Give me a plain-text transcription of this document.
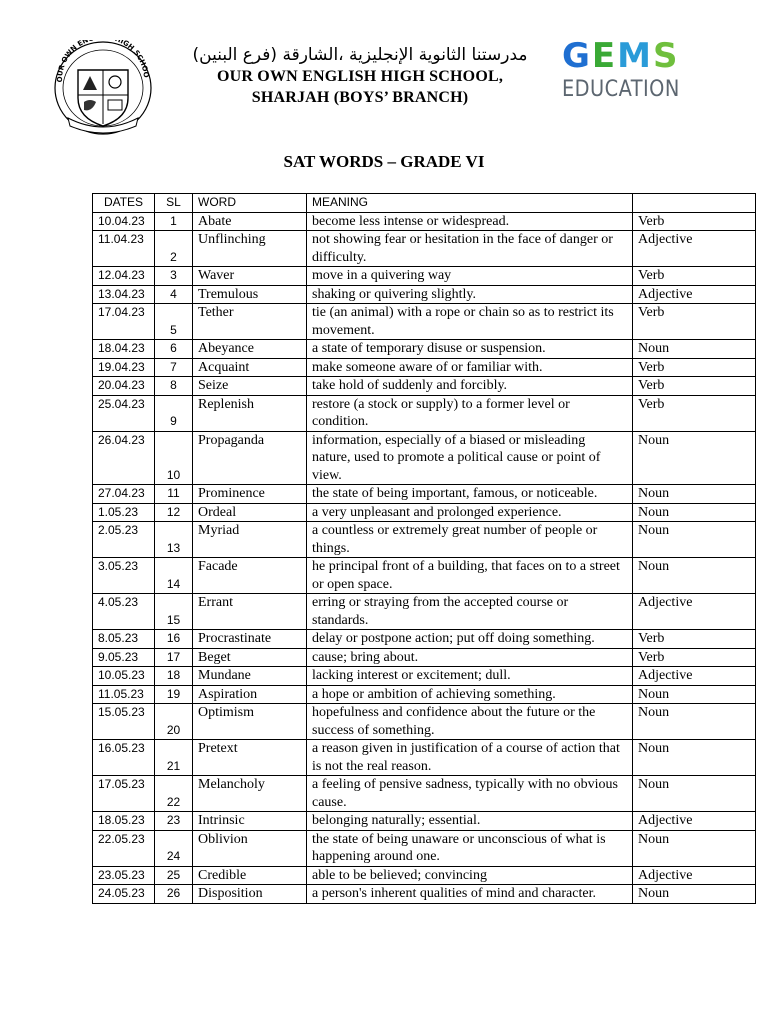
OUR OWN EN IGH SCHOO
مدرستنا الثانوية الإنجليزية ،الشارقة (فرع البنين)
OUR OWN ENGLISH HIGH SCHOOL,
SHARJAH (BOYS’ BRANCH)
G E M S
EDUCATION
SAT WORDS – GRADE VI
DATES	SL	WORD	MEANING	
10.04.23	1	Abate	become less intense or widespread.	Verb
11.04.23	2	Unflinching	not showing fear or hesitation in the face of danger or difficulty.	Adjective
12.04.23	3	Waver	move in a quivering way	Verb
13.04.23	4	Tremulous	shaking or quivering slightly.	Adjective
17.04.23	5	Tether	tie (an animal) with a rope or chain so as to restrict its movement.	Verb
18.04.23	6	Abeyance	a state of temporary disuse or suspension.	Noun
19.04.23	7	Acquaint	make someone aware of or familiar with.	Verb
20.04.23	8	Seize	take hold of suddenly and forcibly.	Verb
25.04.23	9	Replenish	restore (a stock or supply) to a former level or condition.	Verb
26.04.23	10	Propaganda	information, especially of a biased or misleading nature, used to promote a political cause or point of view.	Noun
27.04.23	11	Prominence	the state of being important, famous, or noticeable.	Noun
1.05.23	12	Ordeal	a very unpleasant and prolonged experience.	Noun
2.05.23	13	Myriad	a countless or extremely great number of people or things.	Noun
3.05.23	14	Facade	he principal front of a building, that faces on to a street or open space.	Noun
4.05.23	15	Errant	erring or straying from the accepted course or standards.	Adjective
8.05.23	16	Procrastinate	delay or postpone action; put off doing something.	Verb
9.05.23	17	Beget	cause; bring about.	Verb
10.05.23	18	Mundane	lacking interest or excitement; dull.	Adjective
11.05.23	19	Aspiration	a hope or ambition of achieving something.	Noun
15.05.23	20	Optimism	hopefulness and confidence about the future or the success of something.	Noun
16.05.23	21	Pretext	a reason given in justification of a course of action that is not the real reason.	Noun
17.05.23	22	Melancholy	a feeling of pensive sadness, typically with no obvious cause.	Noun
18.05.23	23	Intrinsic	belonging naturally; essential.	Adjective
22.05.23	24	Oblivion	the state of being unaware or unconscious of what is happening around one.	Noun
23.05.23	25	Credible	able to be believed; convincing	Adjective
24.05.23	26	Disposition	a person's inherent qualities of mind and character.	Noun
